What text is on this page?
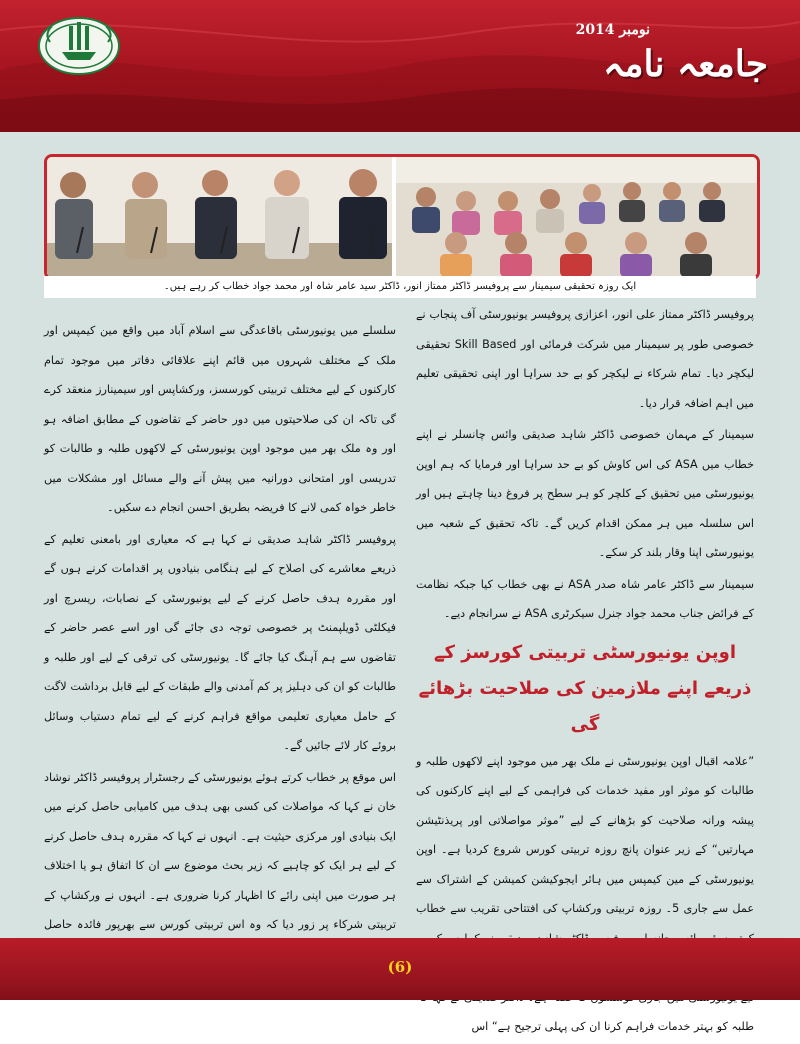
نومبر 2014
جامعہ نامہ
ایک روزہ تحقیقی سیمینار سے پروفیسر ڈاکٹر ممتاز انور، ڈاکٹر سید عامر شاہ اور محمد جواد خطاب کر رہے ہیں۔

پروفیسر ڈاکٹر ممتاز علی انور، اعزازی پروفیسر یونیورسٹی آف پنجاب نے خصوصی طور پر سیمینار میں شرکت فرمائی اور Skill Based تحقیقی لیکچر دیا۔ تمام شرکاء نے لیکچر کو بے حد سراہا اور اپنی تحقیقی تعلیم میں اہم اضافہ قرار دیا۔

سیمینار کے مہمان خصوصی ڈاکٹر شاہد صدیقی وائس چانسلر نے اپنے خطاب میں ASA کی اس کاوش کو بے حد سراہا اور فرمایا کہ ہم اوپن یونیورسٹی میں تحقیق کے کلچر کو ہر سطح پر فروغ دینا چاہتے ہیں اور اس سلسلہ میں ہر ممکن اقدام کریں گے۔ تاکہ تحقیق کے شعبہ میں یونیورسٹی اپنا وقار بلند کر سکے۔

سیمینار سے ڈاکٹر عامر شاہ صدر ASA نے بھی خطاب کیا جبکہ نظامت کے فرائض جناب محمد جواد جنرل سیکرٹری ASA نے سرانجام دیے۔

اوپن یونیورسٹی تربیتی کورسز کے ذریعے اپنے ملازمین کی صلاحیت بڑھائے گی

”علامہ اقبال اوپن یونیورسٹی نے ملک بھر میں موجود اپنے لاکھوں طلبہ و طالبات کو موثر اور مفید خدمات کی فراہمی کے لیے اپنے کارکنوں کی پیشہ ورانہ صلاحیت کو بڑھانے کے لیے ”موثر مواصلاتی اور پریذنٹیشن مہارتیں“ کے زیر عنوان پانچ روزہ تربیتی کورس شروع کردیا ہے۔ اوپن یونیورسٹی کے مین کیمپس میں ہائر ایجوکیشن کمیشن کے اشتراک سے عمل سے جاری 5۔ روزہ تربیتی ورکشاپ کی افتتاحی تقریب سے خطاب طلبہ کو بہتر خدمات فراہم کرنا ان کی پہلی ترجیح ہے“ اس

سلسلے میں یونیورسٹی باقاعدگی سے اسلام آباد میں واقع مین کیمپس اور ملک کے مختلف شہروں میں قائم اپنے علاقائی دفاتر میں موجود تمام کارکنوں کے لیے مختلف تربیتی کورسسز، ورکشاپس اور سیمینارز منعقد کرے گی تاکہ ان کی صلاحیتوں میں دور حاضر کے تقاضوں کے مطابق اضافہ ہو اور وہ ملک بھر میں موجود اوپن یونیورسٹی کے لاکھوں طلبہ و طالبات کو تدریسی اور امتحانی دورانیہ میں پیش آنے والے مسائل اور مشکلات میں خاطر خواہ کمی لانے کا فریضہ بطریق احسن انجام دے سکیں۔

پروفیسر ڈاکٹر شاہد صدیقی نے کہا ہے کہ معیاری اور بامعنی تعلیم کے ذریعے معاشرے کی اصلاح کے لیے ہنگامی بنیادوں پر اقدامات کرنے ہوں گے اور مقررہ ہدف حاصل کرنے کے لیے یونیورسٹی کے نصابات، ریسرچ اور فیکلٹی ڈویلپمنٹ پر خصوصی توجہ دی جائے گی اور اسے عصر حاضر کے تقاضوں سے ہم آہنگ کیا جائے گا۔ یونیورسٹی کی ترقی کے لیے اور طلبہ و طالبات کو ان کی دہلیز پر کم آمدنی والے طبقات کے لیے قابل برداشت لاگت کے حامل معیاری تعلیمی مواقع فراہم کرنے کے لیے تمام دستیاب وسائل بروئے کار لائے جائیں گے۔

اس موقع پر خطاب کرتے ہوئے یونیورسٹی کے رجسٹرار پروفیسر ڈاکٹر نوشاد خان نے کہا کہ مواصلات کی کسی بھی ہدف میں کامیابی حاصل کرنے میں ایک بنیادی اور مرکزی حیثیت ہے۔ انہوں نے کہا کہ مقررہ ہدف حاصل کرنے کے لیے ہر ایک کو چاہیے کہ زیر بحث موضوع سے ان کا اتفاق ہو یا اختلاف ہر صورت میں اپنی رائے کا اظہار کرنا ضروری ہے۔ انہوں نے ورکشاپ کے تربیتی شرکاء پر زور دیا کہ وہ اس تربیتی کورس سے بھرپور فائدہ حاصل

(6)
